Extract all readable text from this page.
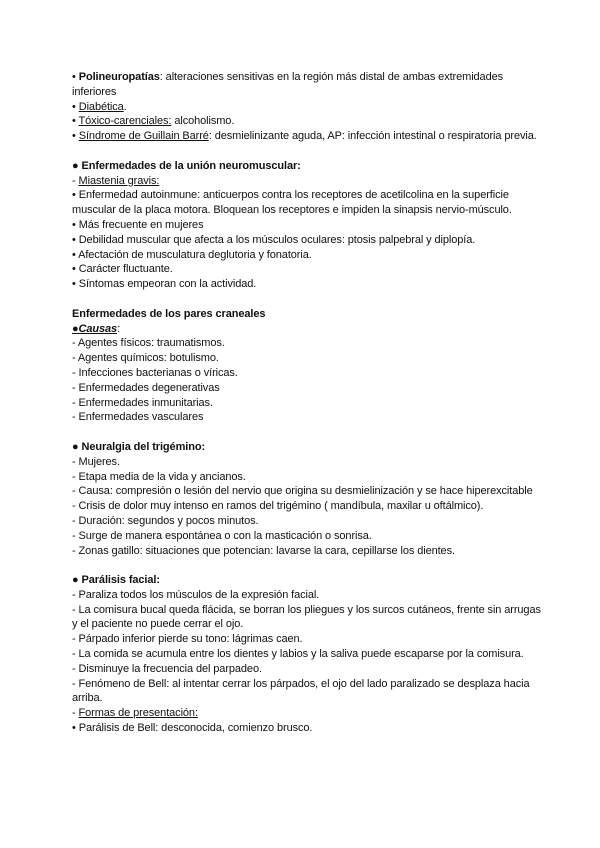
• Polineuropatías: alteraciones sensitivas en la región más distal de ambas extremidades inferiores

• Diabética.

• Tóxico-carenciales: alcoholismo.

• Síndrome de Guillain Barré: desmielinizante aguda, AP: infección intestinal o respiratoria previa.

● Enfermedades de la unión neuromuscular:

- Miastenia gravis:

• Enfermedad autoinmune: anticuerpos contra los receptores de acetilcolina en la superficie muscular de la placa motora. Bloquean los receptores e impiden la sinapsis nervio-músculo.

• Más frecuente en mujeres

• Debilidad muscular que afecta a los músculos oculares: ptosis palpebral y diplopía.

• Afectación de musculatura deglutoria y fonatoria.

• Carácter fluctuante.

• Síntomas empeoran con la actividad.

Enfermedades de los pares craneales

●Causas:

- Agentes físicos: traumatismos.

- Agentes químicos: botulismo.

- Infecciones bacterianas o víricas.

- Enfermedades degenerativas

- Enfermedades inmunitarias.

- Enfermedades vasculares

● Neuralgia del trigémino:

- Mujeres.

- Etapa media de la vida y ancianos.

- Causa: compresión o lesión del nervio que origina su desmielinización y se hace hiperexcitable

- Crisis de dolor muy intenso en ramos del trigémino ( mandíbula, maxilar u oftálmico).

- Duración: segundos y pocos minutos.

- Surge de manera espontánea o con la masticación o sonrisa.

- Zonas gatillo: situaciones que potencian: lavarse la cara, cepillarse los dientes.

● Parálisis facial:

- Paraliza todos los músculos de la expresión facial.

- La comisura bucal queda flácida, se borran los pliegues y los surcos cutáneos, frente sin arrugas y el paciente no puede cerrar el ojo.

- Párpado inferior pierde su tono: lágrimas caen.

- La comida se acumula entre los dientes y labios y la saliva puede escaparse por la comisura.

- Disminuye la frecuencia del parpadeo.

- Fenómeno de Bell: al intentar cerrar los párpados, el ojo del lado paralizado se desplaza hacia arriba.

- Formas de presentación:

• Parálisis de Bell: desconocida, comienzo brusco.
